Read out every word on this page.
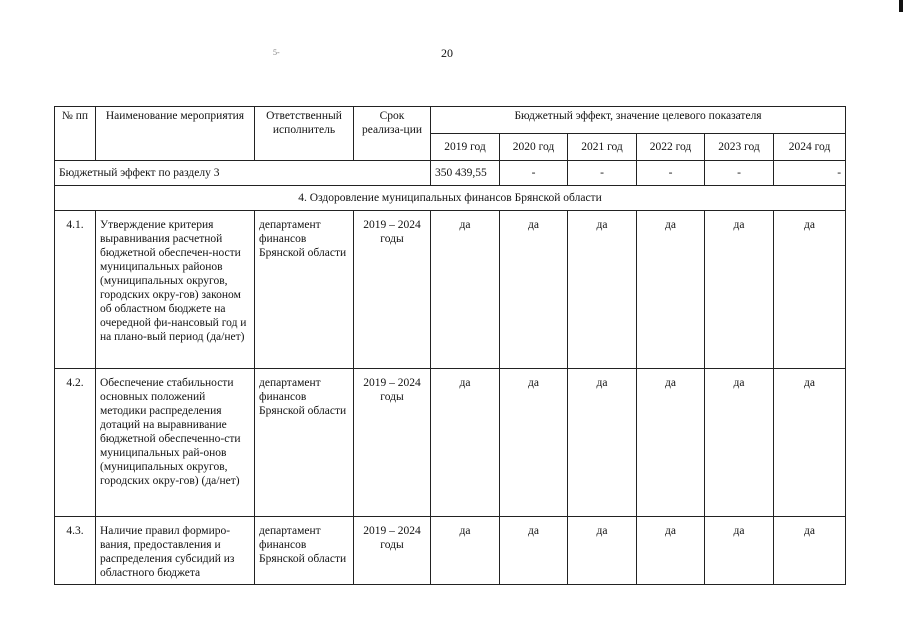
5-	20
№ пп	Наименование мероприятия	Ответственный исполнитель	Срок реализа-ции	Бюджетный эффект, значение целевого показателя					
				2019 год	2020 год	2021 год	2022 год	2023 год	2024 год
Бюджетный эффект по разделу 3				350 439,55	-	-	-	-	-
4. Оздоровление муниципальных финансов Брянской области									
4.1.	Утверждение критерия выравнивания расчетной бюджетной обеспечен-ности муниципальных районов (муниципальных округов, городских окру-гов) законом об областном бюджете на очередной фи-нансовый год и на плано-вый период (да/нет)	департамент финансов Брянской области	2019 – 2024 годы	да	да	да	да	да	да
4.2.	Обеспечение стабильности основных положений методики распределения дотаций на выравнивание бюджетной обеспеченно-сти муниципальных рай-онов (муниципальных округов, городских окру-гов) (да/нет)	департамент финансов Брянской области	2019 – 2024 годы	да	да	да	да	да	да
4.3.	Наличие правил формиро-вания, предоставления и распределения субсидий из областного бюджета	департамент финансов Брянской области	2019 – 2024 годы	да	да	да	да	да	да
